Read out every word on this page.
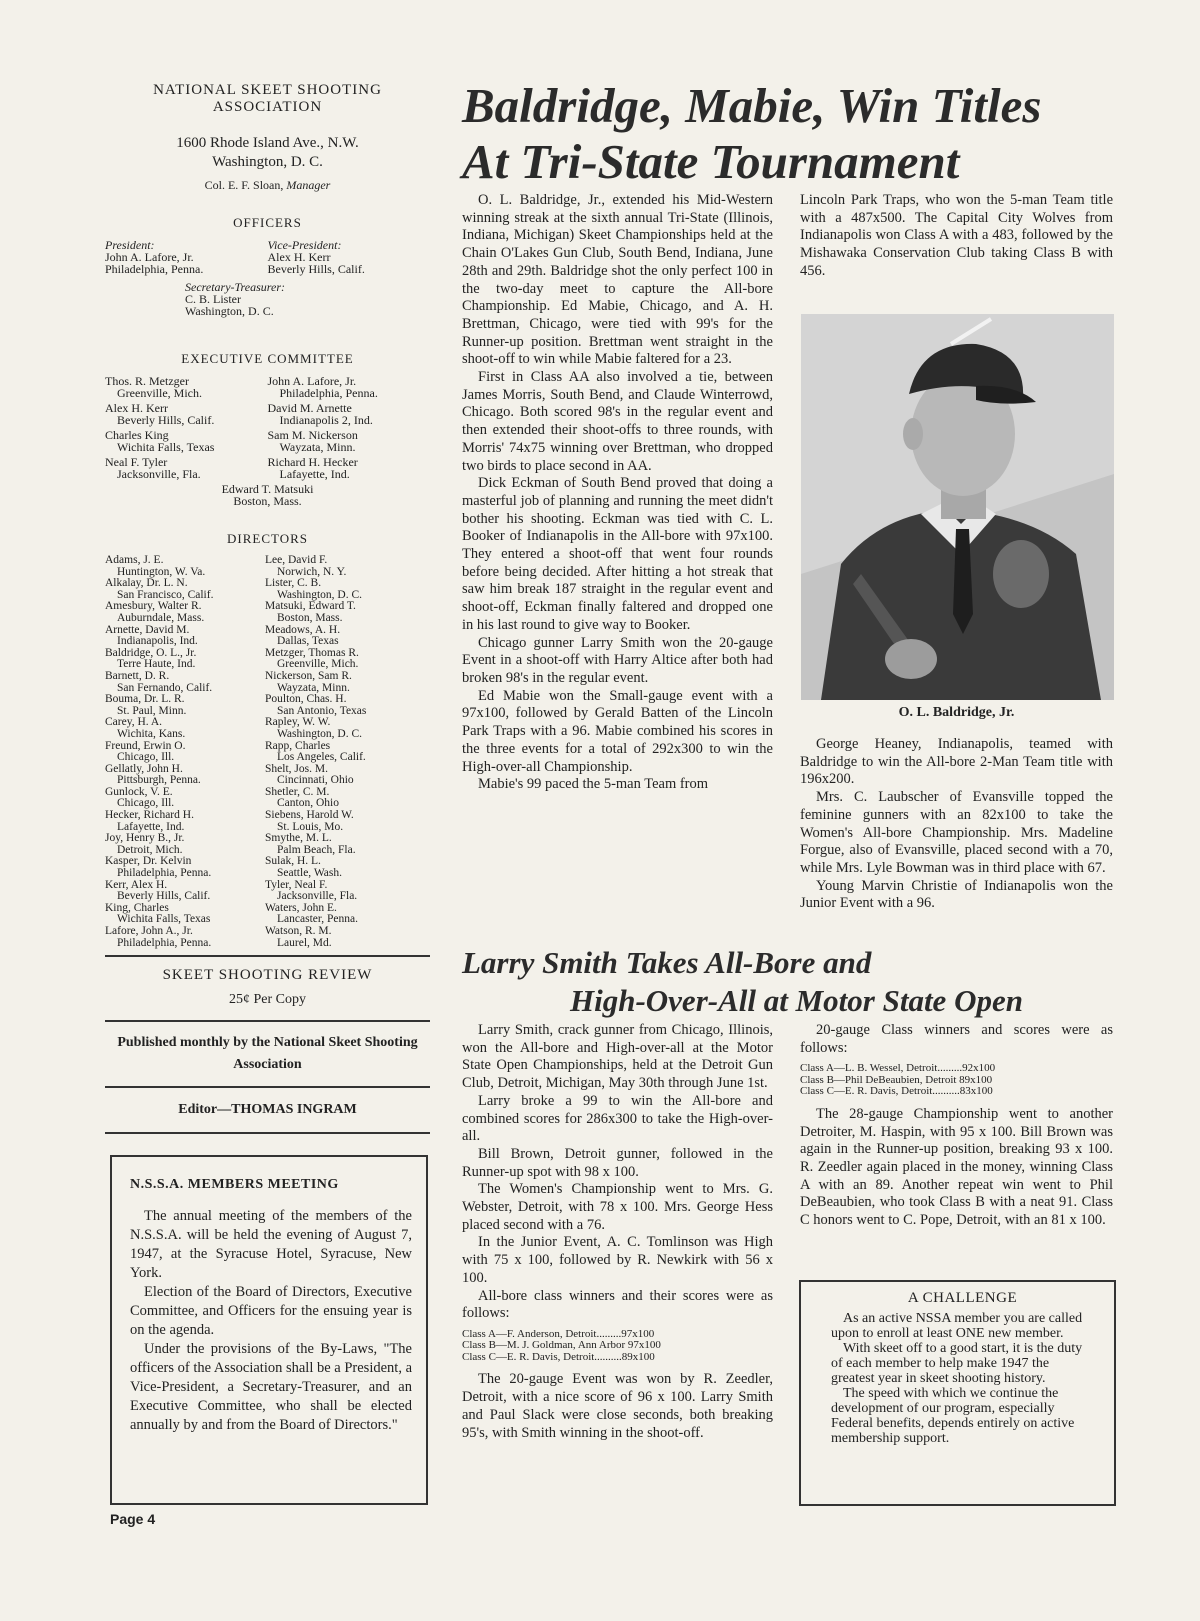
NATIONAL SKEET SHOOTING
ASSOCIATION
1600 Rhode Island Ave., N.W.
Washington, D. C.
Col. E. F. Sloan, Manager
OFFICERS
President:
John A. Lafore, Jr.
Philadelphia, Penna.
Vice-President:
Alex H. Kerr
Beverly Hills, Calif.
Secretary-Treasurer:
C. B. Lister
Washington, D. C.
EXECUTIVE COMMITTEE
Thos. R. Metzger
Greenville, Mich.
John A. Lafore, Jr.
Philadelphia, Penna.
Alex H. Kerr
Beverly Hills, Calif.
David M. Arnette
Indianapolis 2, Ind.
Charles King
Wichita Falls, Texas
Sam M. Nickerson
Wayzata, Minn.
Neal F. Tyler
Jacksonville, Fla.
Richard H. Hecker
Lafayette, Ind.
Edward T. Matsuki
Boston, Mass.
DIRECTORS
Adams, J. E.
Huntington, W. Va.
Alkalay, Dr. L. N.
San Francisco, Calif.
Amesbury, Walter R.
Auburndale, Mass.
Arnette, David M.
Indianapolis, Ind.
Baldridge, O. L., Jr.
Terre Haute, Ind.
Barnett, D. R.
San Fernando, Calif.
Bouma, Dr. L. R.
St. Paul, Minn.
Carey, H. A.
Wichita, Kans.
Freund, Erwin O.
Chicago, Ill.
Gellatly, John H.
Pittsburgh, Penna.
Gunlock, V. E.
Chicago, Ill.
Hecker, Richard H.
Lafayette, Ind.
Joy, Henry B., Jr.
Detroit, Mich.
Kasper, Dr. Kelvin
Philadelphia, Penna.
Kerr, Alex H.
Beverly Hills, Calif.
King, Charles
Wichita Falls, Texas
Lafore, John A., Jr.
Philadelphia, Penna.
Lee, David F.
Norwich, N. Y.
Lister, C. B.
Washington, D. C.
Matsuki, Edward T.
Boston, Mass.
Meadows, A. H.
Dallas, Texas
Metzger, Thomas R.
Greenville, Mich.
Nickerson, Sam R.
Wayzata, Minn.
Poulton, Chas. H.
San Antonio, Texas
Rapley, W. W.
Washington, D. C.
Rapp, Charles
Los Angeles, Calif.
Shelt, Jos. M.
Cincinnati, Ohio
Shetler, C. M.
Canton, Ohio
Siebens, Harold W.
St. Louis, Mo.
Smythe, M. L.
Palm Beach, Fla.
Sulak, H. L.
Seattle, Wash.
Tyler, Neal F.
Jacksonville, Fla.
Waters, John E.
Lancaster, Penna.
Watson, R. M.
Laurel, Md.
SKEET SHOOTING REVIEW
25¢ Per Copy
Published monthly by the National Skeet Shooting Association
Editor—THOMAS INGRAM
N.S.S.A. MEMBERS MEETING

The annual meeting of the members of the N.S.S.A. will be held the evening of August 7, 1947, at the Syracuse Hotel, Syracuse, New York.

Election of the Board of Directors, Executive Committee, and Officers for the ensuing year is on the agenda.

Under the provisions of the By-Laws, "The officers of the Association shall be a President, a Vice-President, a Secretary-Treasurer, and an Executive Committee, who shall be elected annually by and from the Board of Directors."

Page 4
Baldridge, Mabie, Win Titles
At Tri-State Tournament

O. L. Baldridge, Jr., extended his Mid-Western winning streak at the sixth annual Tri-State (Illinois, Indiana, Michigan) Skeet Championships held at the Chain O'Lakes Gun Club, South Bend, Indiana, June 28th and 29th. Baldridge shot the only perfect 100 in the two-day meet to capture the All-bore Championship. Ed Mabie, Chicago, and A. H. Brettman, Chicago, were tied with 99's for the Runner-up position. Brettman went straight in the shoot-off to win while Mabie faltered for a 23.

First in Class AA also involved a tie, between James Morris, South Bend, and Claude Winterrowd, Chicago. Both scored 98's in the regular event and then extended their shoot-offs to three rounds, with Morris' 74x75 winning over Brettman, who dropped two birds to place second in AA.

Dick Eckman of South Bend proved that doing a masterful job of planning and running the meet didn't bother his shooting. Eckman was tied with C. L. Booker of Indianapolis in the All-bore with 97x100. They entered a shoot-off that went four rounds before being decided. After hitting a hot streak that saw him break 187 straight in the regular event and shoot-off, Eckman finally faltered and dropped one in his last round to give way to Booker.

Chicago gunner Larry Smith won the 20-gauge Event in a shoot-off with Harry Altice after both had broken 98's in the regular event.

Ed Mabie won the Small-gauge event with a 97x100, followed by Gerald Batten of the Lincoln Park Traps with a 96. Mabie combined his scores in the three events for a total of 292x300 to win the High-over-all Championship.

Mabie's 99 paced the 5-man Team from

Lincoln Park Traps, who won the 5-man Team title with a 487x500. The Capital City Wolves from Indianapolis won Class A with a 483, followed by the Mishawaka Conservation Club taking Class B with 456.

O. L. Baldridge, Jr.

George Heaney, Indianapolis, teamed with Baldridge to win the All-bore 2-Man Team title with 196x200.

Mrs. C. Laubscher of Evansville topped the feminine gunners with an 82x100 to take the Women's All-bore Championship. Mrs. Madeline Forgue, also of Evansville, placed second with a 70, while Mrs. Lyle Bowman was in third place with 67.

Young Marvin Christie of Indianapolis won the Junior Event with a 96.

Larry Smith Takes All-Bore and
High-Over-All at Motor State Open

Larry Smith, crack gunner from Chicago, Illinois, won the All-bore and High-over-all at the Motor State Open Championships, held at the Detroit Gun Club, Detroit, Michigan, May 30th through June 1st.

Larry broke a 99 to win the All-bore and combined scores for 286x300 to take the High-over-all.

Bill Brown, Detroit gunner, followed in the Runner-up spot with 98 x 100.

The Women's Championship went to Mrs. G. Webster, Detroit, with 78 x 100. Mrs. George Hess placed second with a 76.

In the Junior Event, A. C. Tomlinson was High with 75 x 100, followed by R. Newkirk with 56 x 100.

All-bore class winners and their scores were as follows:

Class A—F. Anderson, Detroit.........97x100
Class B—M. J. Goldman, Ann Arbor 97x100
Class C—E. R. Davis, Detroit..........89x100

The 20-gauge Event was won by R. Zeedler, Detroit, with a nice score of 96 x 100. Larry Smith and Paul Slack were close seconds, both breaking 95's, with Smith winning in the shoot-off.

20-gauge Class winners and scores were as follows:

Class A—L. B. Wessel, Detroit.........92x100
Class B—Phil DeBeaubien, Detroit 89x100
Class C—E. R. Davis, Detroit..........83x100

The 28-gauge Championship went to another Detroiter, M. Haspin, with 95 x 100. Bill Brown was again in the Runner-up position, breaking 93 x 100. R. Zeedler again placed in the money, winning Class A with an 89. Another repeat win went to Phil DeBeaubien, who took Class B with a neat 91. Class C honors went to C. Pope, Detroit, with an 81 x 100.

A CHALLENGE

As an active NSSA member you are called upon to enroll at least ONE new member.

With skeet off to a good start, it is the duty of each member to help make 1947 the greatest year in skeet shooting history.

The speed with which we continue the development of our program, especially Federal benefits, depends entirely on active membership support.
